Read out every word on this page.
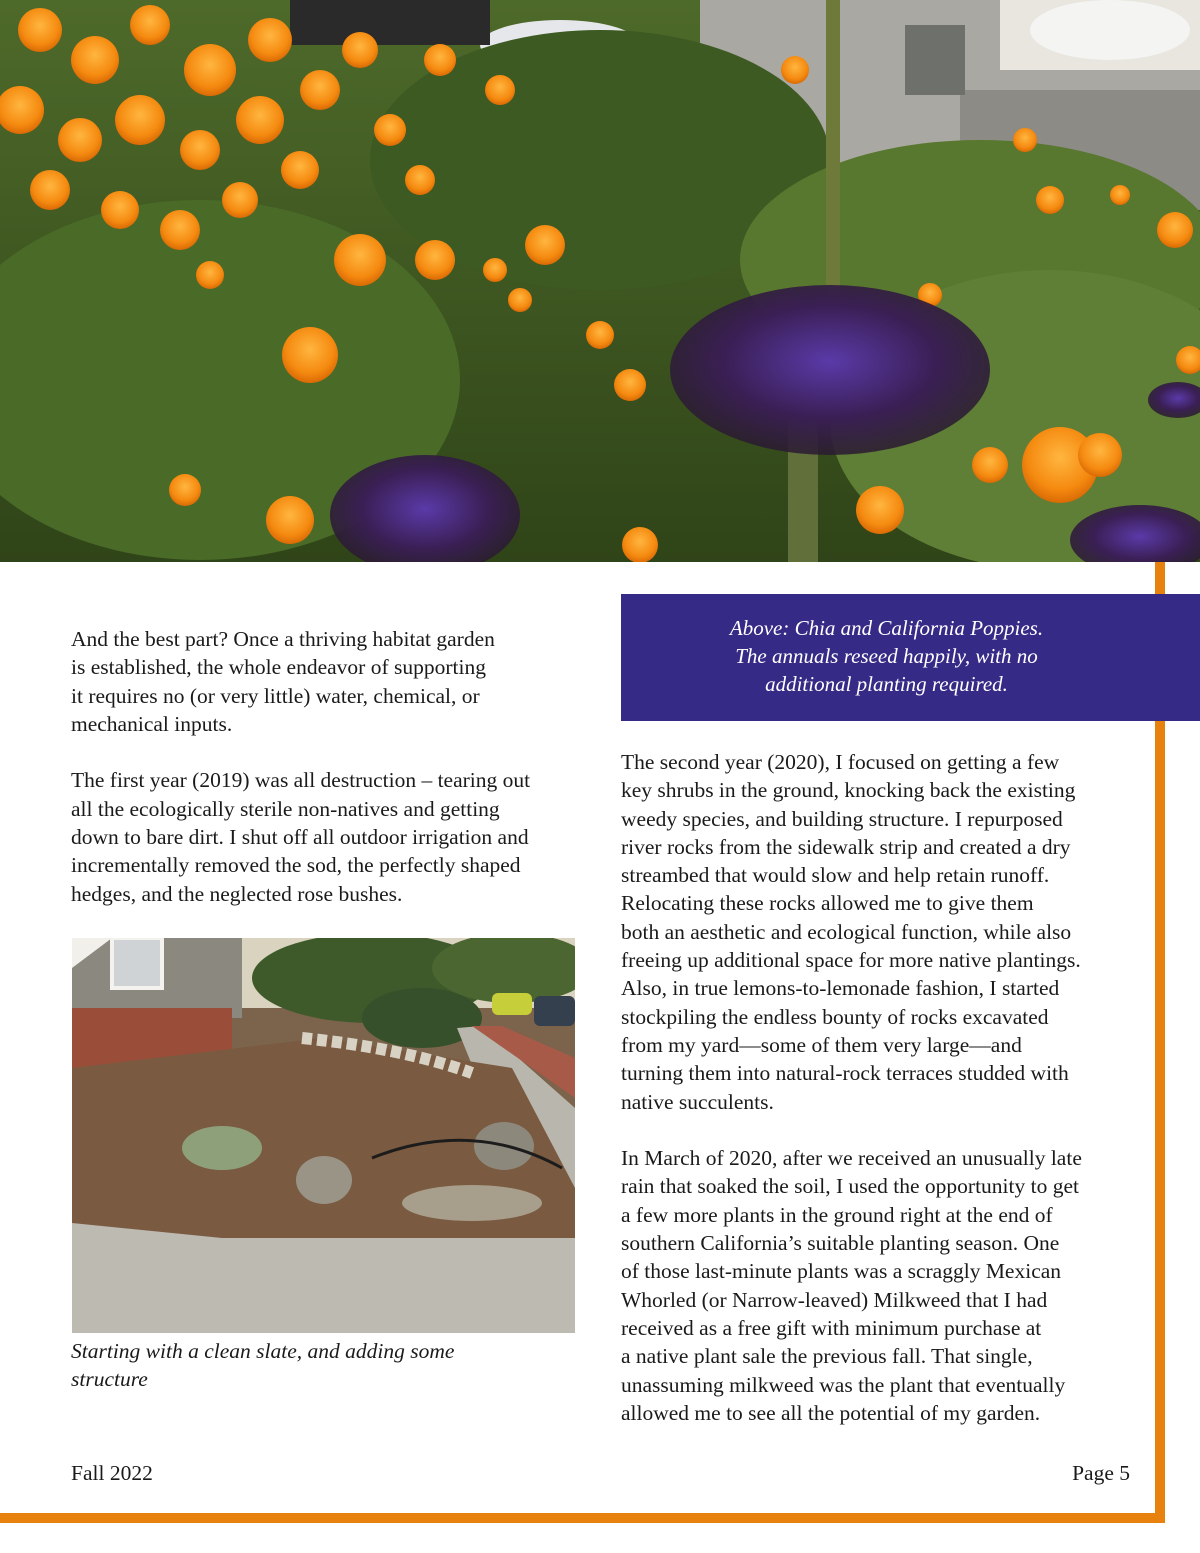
Above: Chia and California Poppies.
The annuals reseed happily, with no
additional planting required.

And the best part? Once a thriving habitat garden
is established, the whole endeavor of supporting
it requires no (or very little) water, chemical, or
mechanical inputs.

The first year (2019) was all destruction – tearing out
all the ecologically sterile non-natives and getting
down to bare dirt. I shut off all outdoor irrigation and
incrementally removed the sod, the perfectly shaped
hedges, and the neglected rose bushes.

Starting with a clean slate, and adding some
structure

The second year (2020), I focused on getting a few
key shrubs in the ground, knocking back the existing
weedy species, and building structure. I repurposed
river rocks from the sidewalk strip and created a dry
streambed that would slow and help retain runoff.
Relocating these rocks allowed me to give them
both an aesthetic and ecological function, while also
freeing up additional space for more native plantings.
Also, in true lemons-to-lemonade fashion, I started
stockpiling the endless bounty of rocks excavated
from my yard—some of them very large—and
turning them into natural-rock terraces studded with
native succulents.

In March of 2020, after we received an unusually late
rain that soaked the soil, I used the opportunity to get
a few more plants in the ground right at the end of
southern California’s suitable planting season. One
of those last-minute plants was a scraggly Mexican
Whorled (or Narrow-leaved) Milkweed that I had
received as a free gift with minimum purchase at
a native plant sale the previous fall. That single,
unassuming milkweed was the plant that eventually
allowed me to see all the potential of my garden.

Fall 2022	Page 5
